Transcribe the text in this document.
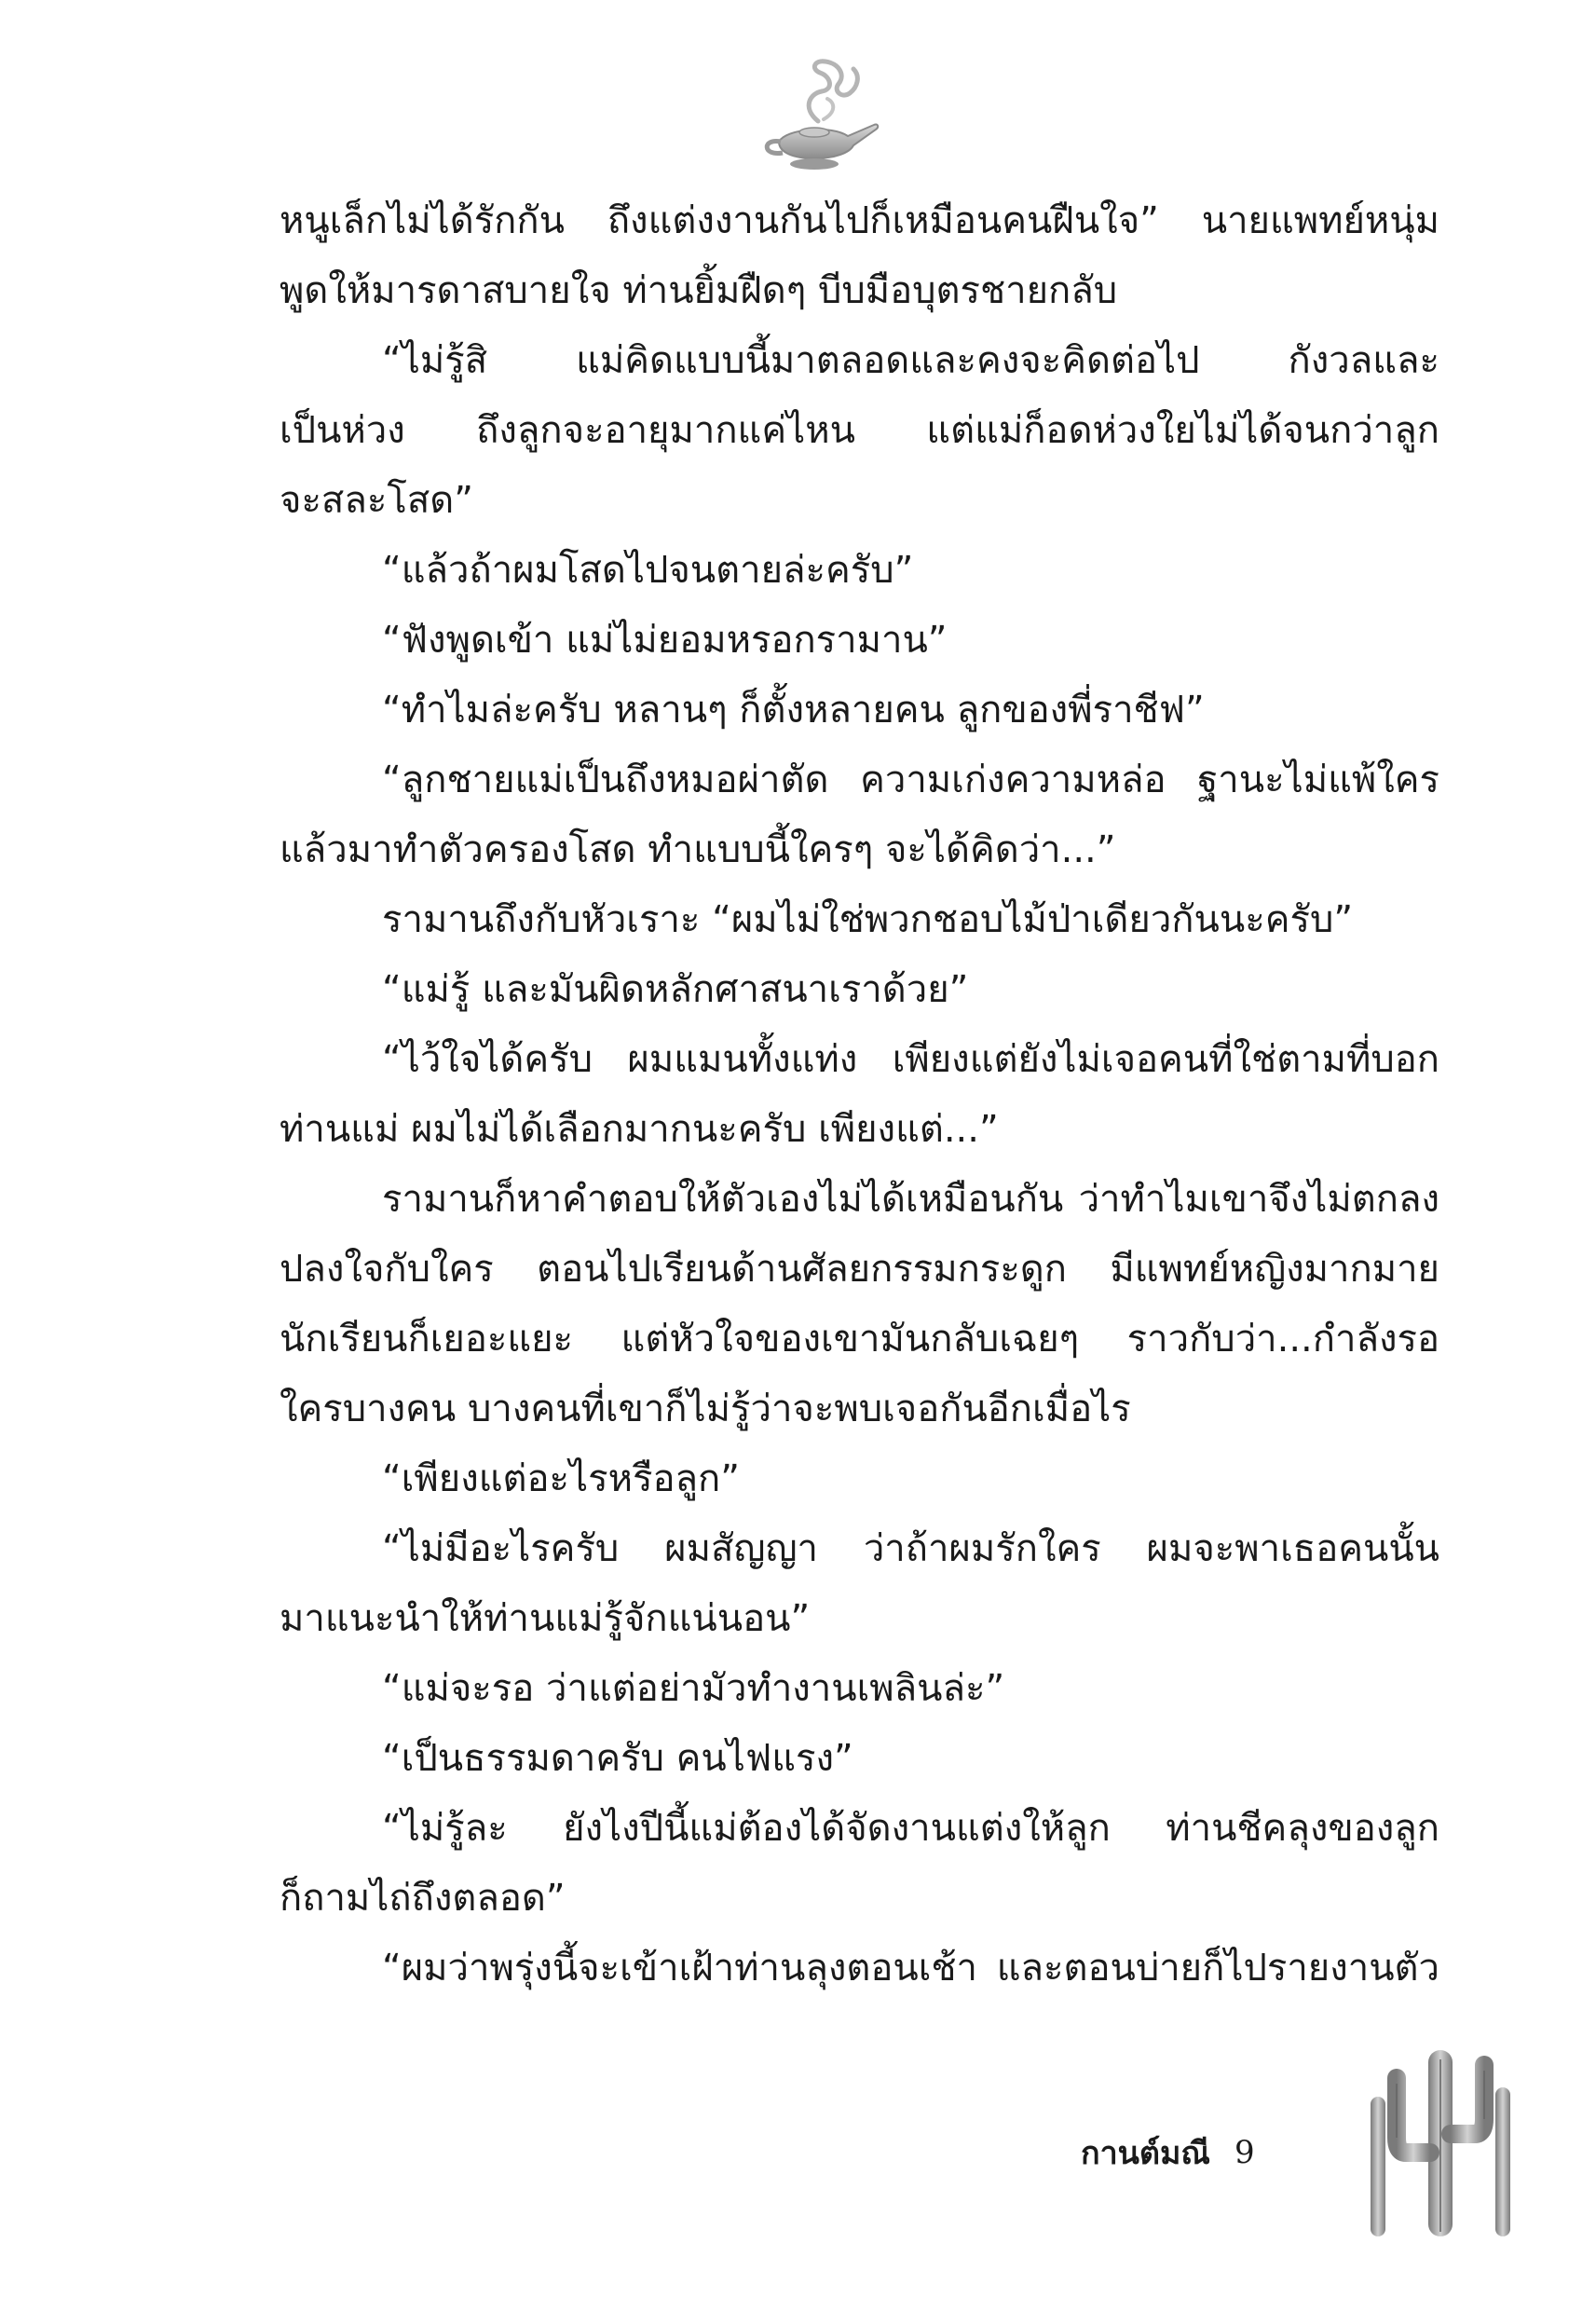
หนูเล็กไม่ได้รักกัน ถึงแต่งงานกันไปก็เหมือนคนฝืนใจ” นายแพทย์หนุ่ม
พูดให้มารดาสบายใจ ท่านยิ้มฝืดๆ บีบมือบุตรชายกลับ
“ไม่รู้สิ แม่คิดแบบนี้มาตลอดและคงจะคิดต่อไป กังวลและ
เป็นห่วง ถึงลูกจะอายุมากแค่ไหน แต่แม่ก็อดห่วงใยไม่ได้จนกว่าลูก
จะสละโสด”
“แล้วถ้าผมโสดไปจนตายล่ะครับ”
“ฟังพูดเข้า แม่ไม่ยอมหรอกรามาน”
“ทำไมล่ะครับ หลานๆ ก็ตั้งหลายคน ลูกของพี่ราชีฟ”
“ลูกชายแม่เป็นถึงหมอผ่าตัด ความเก่งความหล่อ ฐานะไม่แพ้ใคร
แล้วมาทำตัวครองโสด ทำแบบนี้ใครๆ จะได้คิดว่า...”
รามานถึงกับหัวเราะ “ผมไม่ใช่พวกชอบไม้ป่าเดียวกันนะครับ”
“แม่รู้ และมันผิดหลักศาสนาเราด้วย”
“ไว้ใจได้ครับ ผมแมนทั้งแท่ง เพียงแต่ยังไม่เจอคนที่ใช่ตามที่บอก
ท่านแม่ ผมไม่ได้เลือกมากนะครับ เพียงแต่...”
รามานก็หาคำตอบให้ตัวเองไม่ได้เหมือนกัน ว่าทำไมเขาจึงไม่ตกลง
ปลงใจกับใคร ตอนไปเรียนด้านศัลยกรรมกระดูก มีแพทย์หญิงมากมาย
นักเรียนก็เยอะแยะ แต่หัวใจของเขามันกลับเฉยๆ ราวกับว่า...กำลังรอ
ใครบางคน บางคนที่เขาก็ไม่รู้ว่าจะพบเจอกันอีกเมื่อไร
“เพียงแต่อะไรหรือลูก”
“ไม่มีอะไรครับ ผมสัญญา ว่าถ้าผมรักใคร ผมจะพาเธอคนนั้น
มาแนะนำให้ท่านแม่รู้จักแน่นอน”
“แม่จะรอ ว่าแต่อย่ามัวทำงานเพลินล่ะ”
“เป็นธรรมดาครับ คนไฟแรง”
“ไม่รู้ละ ยังไงปีนี้แม่ต้องได้จัดงานแต่งให้ลูก ท่านชีคลุงของลูก
ก็ถามไถ่ถึงตลอด”
“ผมว่าพรุ่งนี้จะเข้าเฝ้าท่านลุงตอนเช้า และตอนบ่ายก็ไปรายงานตัว
กานต์มณี 9
